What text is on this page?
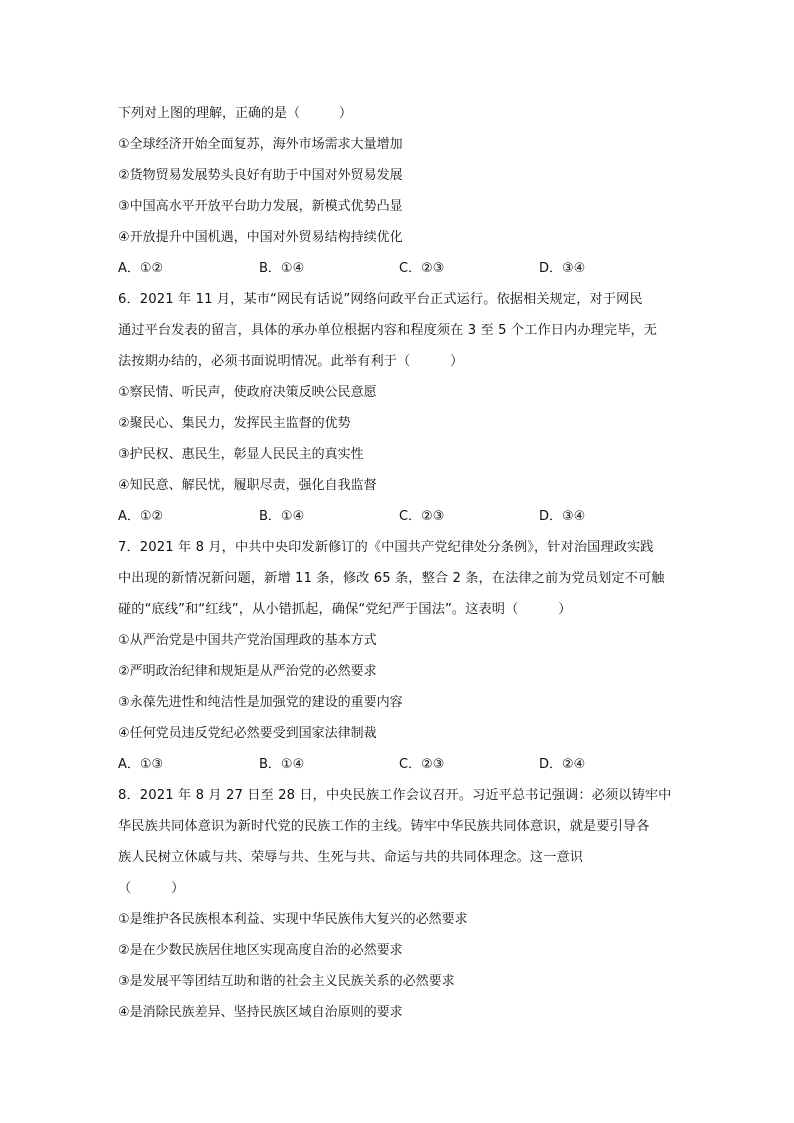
下列对上图的理解，正确的是（　　　）
①全球经济开始全面复苏，海外市场需求大量增加
②货物贸易发展势头良好有助于中国对外贸易发展
③中国高水平开放平台助力发展，新模式优势凸显
④开放提升中国机遇，中国对外贸易结构持续优化
A．①②	B．①④	C．②③	D．③④
6．2021 年 11 月，某市“网民有话说”网络问政平台正式运行。依据相关规定，对于网民
通过平台发表的留言，具体的承办单位根据内容和程度须在 3 至 5 个工作日内办理完毕，无
法按期办结的，必须书面说明情况。此举有利于（　　　）
①察民情、听民声，使政府决策反映公民意愿
②聚民心、集民力，发挥民主监督的优势
③护民权、惠民生，彰显人民民主的真实性
④知民意、解民忧，履职尽责，强化自我监督
A．①②	B．①④	C．②③	D．③④
7．2021 年 8 月，中共中央印发新修订的《中国共产党纪律处分条例》，针对治国理政实践
中出现的新情况新问题，新增 11 条，修改 65 条，整合 2 条，在法律之前为党员划定不可触
碰的“底线”和“红线”，从小错抓起，确保“党纪严于国法”。这表明（　　　）
①从严治党是中国共产党治国理政的基本方式
②严明政治纪律和规矩是从严治党的必然要求
③永葆先进性和纯洁性是加强党的建设的重要内容
④任何党员违反党纪必然要受到国家法律制裁
A．①③	B．①④	C．②③	D．②④
8．2021 年 8 月 27 日至 28 日，中央民族工作会议召开。习近平总书记强调：必须以铸牢中
华民族共同体意识为新时代党的民族工作的主线。铸牢中华民族共同体意识，就是要引导各
族人民树立休戚与共、荣辱与共、生死与共、命运与共的共同体理念。这一意识
（　　　）
①是维护各民族根本利益、实现中华民族伟大复兴的必然要求
②是在少数民族居住地区实现高度自治的必然要求
③是发展平等团结互助和谐的社会主义民族关系的必然要求
④是消除民族差异、坚持民族区域自治原则的要求
